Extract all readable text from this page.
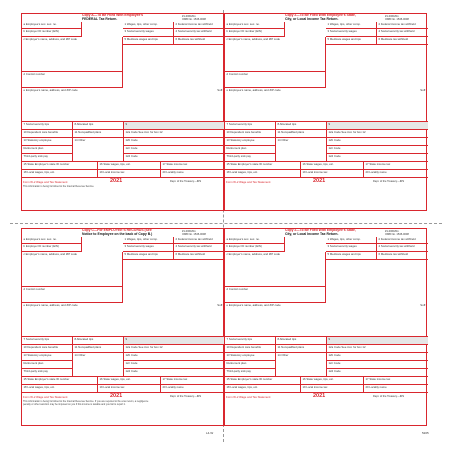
Copy A—To Be Filed With Employee’s
FEDERAL Tax Return.
#1-0061811
OMB No. 1545-0008
a Employee’s soc. sec. no.
b Employer ID number (EIN)
c Employer’s name, address, and ZIP code
d Control number
e Employee’s name, address, and ZIP code	Suff.
1 Wages, tips, other comp.	2 Federal income tax withheld
3 Social security wages	4 Social security tax withheld
5 Medicare wages and tips	6 Medicare tax withheld
7 Social security tips	8 Allocated tips	9
10 Dependent care benefits	11 Nonqualified plans	12a Code See inst. for box 12
13 Statutory employee	14 Other	12b Code
Retirement plan	12c Code
Third-party sick pay	12d Code
15 State Employer’s state ID number	16 State wages, tips, etc.	17 State income tax
18 Local wages, tips, etc.	19 Local income tax	20 Locality name
Form W-2 Wage and Tax Statement	2021	Dept. of the Treasury—IRS
This information is being furnished to the Internal Revenue Service.
Copy 2—To Be Filed With Employee’s State,
City, or Local Income Tax Return.
#1-0061811
OMB No. 1545-0008
a Employee’s soc. sec. no.
b Employer ID number (EIN)
c Employer’s name, address, and ZIP code
d Control number
e Employee’s name, address, and ZIP code	Suff.
1 Wages, tips, other comp.	2 Federal income tax withheld
3 Social security wages	4 Social security tax withheld
5 Medicare wages and tips	6 Medicare tax withheld
7 Social security tips	8 Allocated tips	9
10 Dependent care benefits	11 Nonqualified plans	12a Code See inst. for box 12
13 Statutory employee	14 Other	12b Code
Retirement plan	12c Code
Third-party sick pay	12d Code
15 State Employer’s state ID number	16 State wages, tips, etc.	17 State income tax
18 Local wages, tips, etc.	19 Local income tax	20 Locality name
Form W-2 Wage and Tax Statement	2021	Dept. of the Treasury—IRS
Copy C—For EMPLOYEE’S RECORDS (See
Notice to Employee on the back of Copy B.)
#1-0061811
OMB No. 1545-0008
a Employee’s soc. sec. no.
b Employer ID number (EIN)
c Employer’s name, address, and ZIP code
d Control number
e Employee’s name, address, and ZIP code	Suff.
1 Wages, tips, other comp.	2 Federal income tax withheld
3 Social security wages	4 Social security tax withheld
5 Medicare wages and tips	6 Medicare tax withheld
7 Social security tips	8 Allocated tips	9
10 Dependent care benefits	11 Nonqualified plans	12a Code See inst. for box 12
13 Statutory employee	14 Other	12b Code
Retirement plan	12c Code
Third-party sick pay	12d Code
15 State Employer’s state ID number	16 State wages, tips, etc.	17 State income tax
18 Local wages, tips, etc.	19 Local income tax	20 Locality name
Form W-2 Wage and Tax Statement	2021	Dept. of the Treasury—IRS
This information is being furnished to the Internal Revenue Service. If you are required to file a tax return, a negligence
penalty or other sanction may be imposed on you if this income is taxable and you fail to report it.
Copy 2—To Be Filed With Employee’s State,
City, or Local Income Tax Return.
#1-0061811
OMB No. 1545-0008
a Employee’s soc. sec. no.
b Employer ID number (EIN)
c Employer’s name, address, and ZIP code
d Control number
e Employee’s name, address, and ZIP code	Suff.
1 Wages, tips, other comp.	2 Federal income tax withheld
3 Social security wages	4 Social security tax withheld
5 Medicare wages and tips	6 Medicare tax withheld
7 Social security tips	8 Allocated tips	9
10 Dependent care benefits	11 Nonqualified plans	12a Code See inst. for box 12
13 Statutory employee	14 Other	12b Code
Retirement plan	12c Code
Third-party sick pay	12d Code
15 State Employer’s state ID number	16 State wages, tips, etc.	17 State income tax
18 Local wages, tips, etc.	19 Local income tax	20 Locality name
Form W-2 Wage and Tax Statement	2021	Dept. of the Treasury—IRS
L4-W	5205
